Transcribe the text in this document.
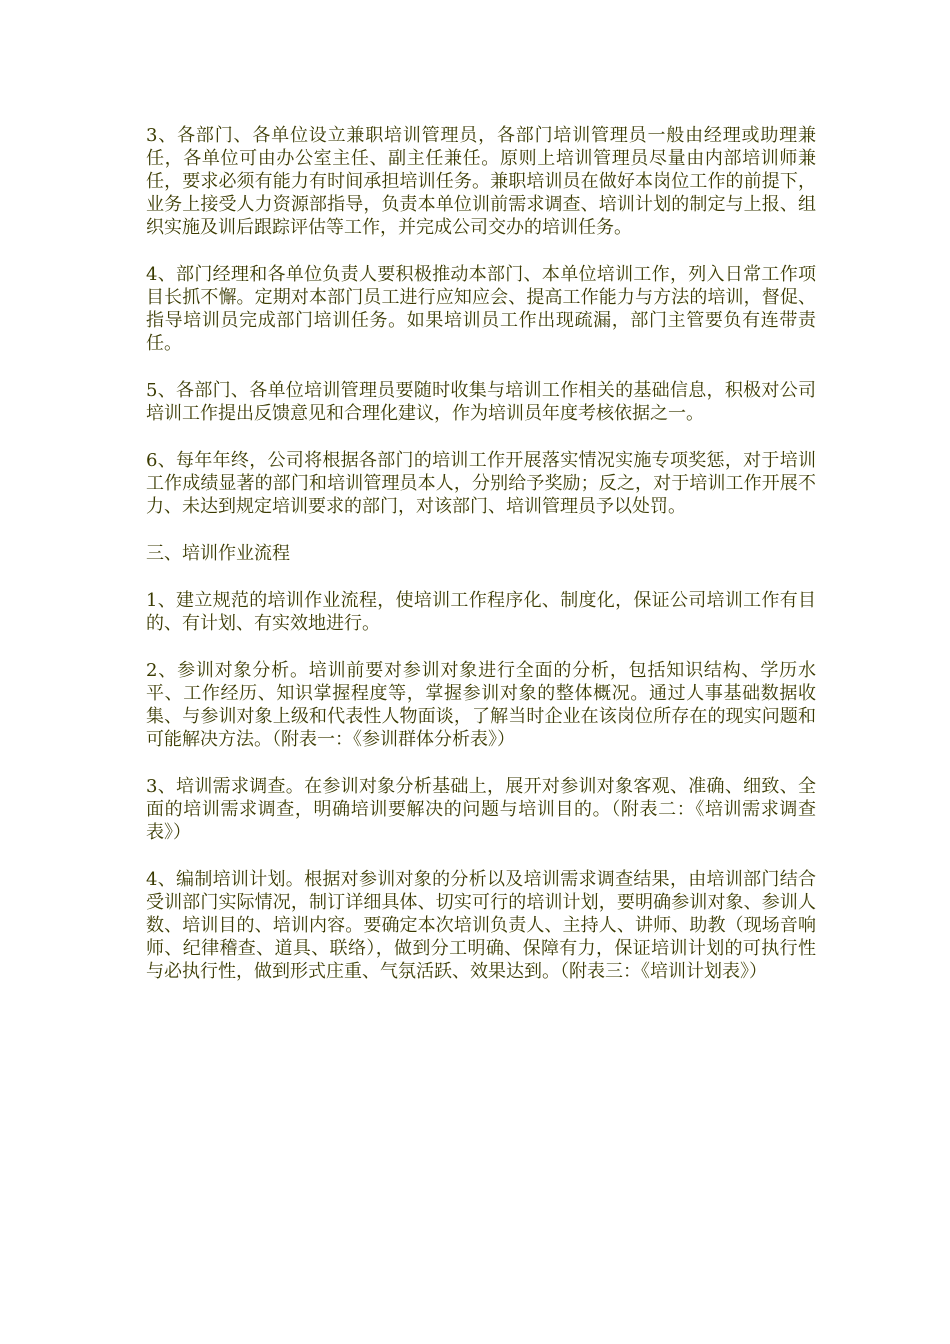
3、各部门、各单位设立兼职培训管理员，各部门培训管理员一般由经理或助理兼任，各单位可由办公室主任、副主任兼任。原则上培训管理员尽量由内部培训师兼任，要求必须有能力有时间承担培训任务。兼职培训员在做好本岗位工作的前提下，业务上接受人力资源部指导，负责本单位训前需求调查、培训计划的制定与上报、组织实施及训后跟踪评估等工作，并完成公司交办的培训任务。

4、部门经理和各单位负责人要积极推动本部门、本单位培训工作，列入日常工作项目长抓不懈。定期对本部门员工进行应知应会、提高工作能力与方法的培训，督促、指导培训员完成部门培训任务。如果培训员工作出现疏漏，部门主管要负有连带责任。

5、各部门、各单位培训管理员要随时收集与培训工作相关的基础信息，积极对公司培训工作提出反馈意见和合理化建议，作为培训员年度考核依据之一。

6、每年年终，公司将根据各部门的培训工作开展落实情况实施专项奖惩，对于培训工作成绩显著的部门和培训管理员本人，分别给予奖励；反之，对于培训工作开展不力、未达到规定培训要求的部门，对该部门、培训管理员予以处罚。

三、培训作业流程

1、建立规范的培训作业流程，使培训工作程序化、制度化，保证公司培训工作有目的、有计划、有实效地进行。

2、参训对象分析。培训前要对参训对象进行全面的分析，包括知识结构、学历水平、工作经历、知识掌握程度等，掌握参训对象的整体概况。通过人事基础数据收集、与参训对象上级和代表性人物面谈，了解当时企业在该岗位所存在的现实问题和可能解决方法。（附表一：《参训群体分析表》）

3、培训需求调查。在参训对象分析基础上，展开对参训对象客观、准确、细致、全面的培训需求调查，明确培训要解决的问题与培训目的。（附表二：《培训需求调查表》）

4、编制培训计划。根据对参训对象的分析以及培训需求调查结果，由培训部门结合受训部门实际情况，制订详细具体、切实可行的培训计划，要明确参训对象、参训人数、培训目的、培训内容。要确定本次培训负责人、主持人、讲师、助教（现场音响师、纪律稽查、道具、联络），做到分工明确、保障有力，保证培训计划的可执行性与必执行性，做到形式庄重、气氛活跃、效果达到。（附表三：《培训计划表》）
